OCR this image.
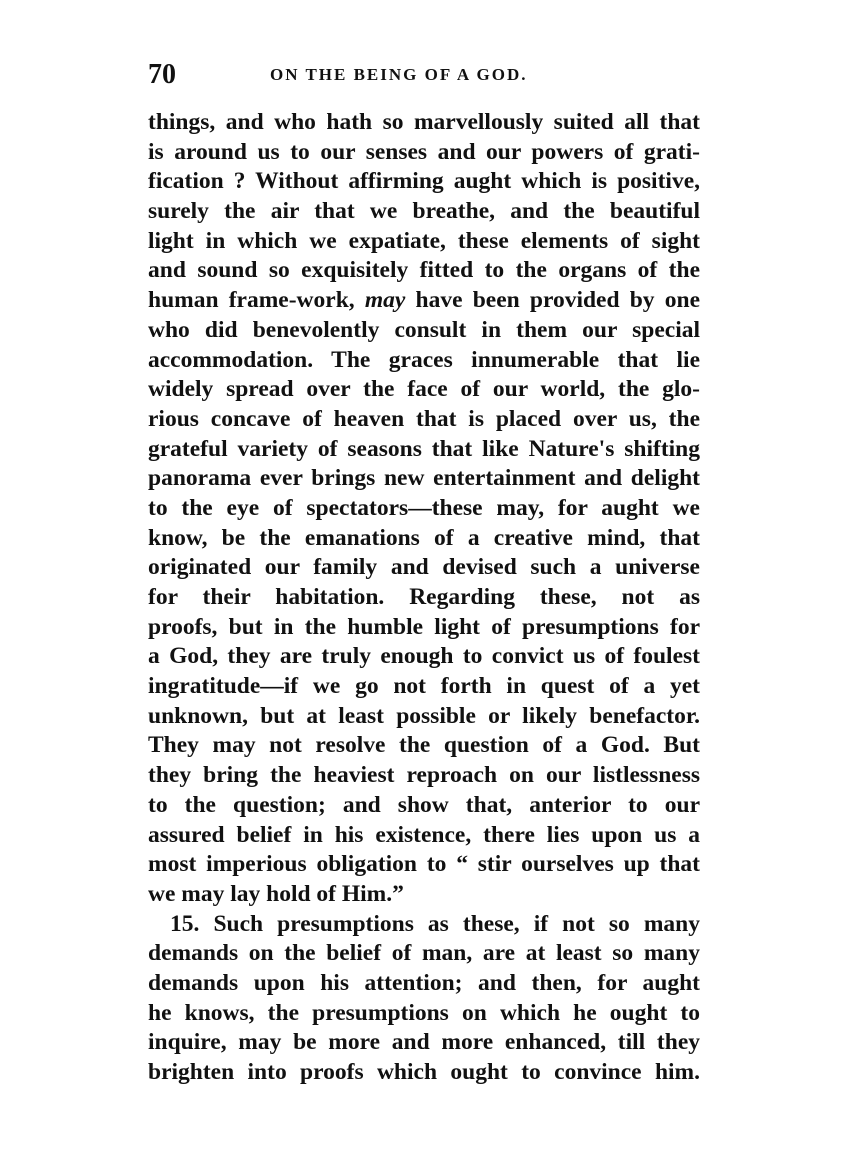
70	ON THE BEING OF A GOD.
things, and who hath so marvellously suited all that
is around us to our senses and our powers of grati-
fication ? Without affirming aught which is positive,
surely the air that we breathe, and the beautiful
light in which we expatiate, these elements of sight
and sound so exquisitely fitted to the organs of the
human frame-work, may have been provided by one
who did benevolently consult in them our special
accommodation. The graces innumerable that lie
widely spread over the face of our world, the glo-
rious concave of heaven that is placed over us, the
grateful variety of seasons that like Nature's shifting
panorama ever brings new entertainment and delight
to the eye of spectators—these may, for aught we
know, be the emanations of a creative mind, that
originated our family and devised such a universe
for their habitation. Regarding these, not as
proofs, but in the humble light of presumptions for
a God, they are truly enough to convict us of foulest
ingratitude—if we go not forth in quest of a yet
unknown, but at least possible or likely benefactor.
They may not resolve the question of a God. But
they bring the heaviest reproach on our listlessness
to the question; and show that, anterior to our
assured belief in his existence, there lies upon us a
most imperious obligation to “ stir ourselves up that
we may lay hold of Him.”
15. Such presumptions as these, if not so many
demands on the belief of man, are at least so many
demands upon his attention; and then, for aught
he knows, the presumptions on which he ought to
inquire, may be more and more enhanced, till they
brighten into proofs which ought to convince him.
